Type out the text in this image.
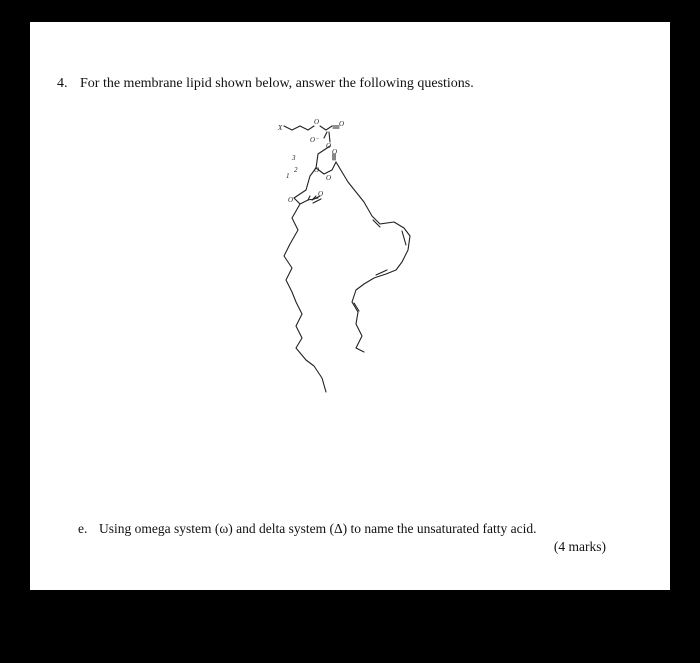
4. For the membrane lipid shown below, answer the following questions.
X
O	O
O
O⁻
O
O
O
O
O
1
2
3
e. Using omega system (ω) and delta system (Δ) to name the unsaturated fatty acid.
(4 marks)
